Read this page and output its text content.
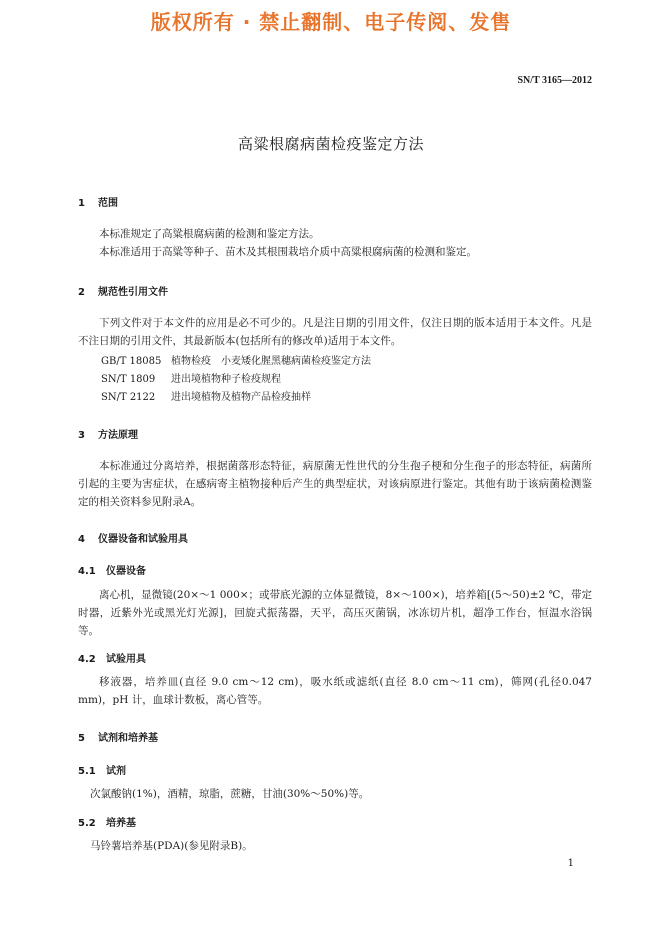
版权所有 · 禁止翻制、电子传阅、发售
SN/T 3165—2012
高粱根腐病菌检疫鉴定方法
1 范围
本标准规定了高粱根腐病菌的检测和鉴定方法。
本标准适用于高粱等种子、苗木及其根围栽培介质中高粱根腐病菌的检测和鉴定。
2 规范性引用文件
下列文件对于本文件的应用是必不可少的。凡是注日期的引用文件，仅注日期的版本适用于本文件。凡是不注日期的引用文件，其最新版本(包括所有的修改单)适用于本文件。
GB/T 18085 植物检疫　小麦矮化腥黑穗病菌检疫鉴定方法
SN/T 1809 进出境植物种子检疫规程
SN/T 2122 进出境植物及植物产品检疫抽样
3 方法原理
本标准通过分离培养，根据菌落形态特征，病原菌无性世代的分生孢子梗和分生孢子的形态特征，病菌所引起的主要为害症状，在感病寄主植物接种后产生的典型症状，对该病原进行鉴定。其他有助于该病菌检测鉴定的相关资料参见附录A。
4 仪器设备和试验用具
4.1 仪器设备
离心机，显微镜(20×～1 000×；或带底光源的立体显微镜，8×～100×)，培养箱[(5～50)±2 ℃，带定时器，近紫外光或黑光灯光源]，回旋式振荡器，天平，高压灭菌锅，冰冻切片机，超净工作台，恒温水浴锅等。
4.2 试验用具
移液器，培养皿(直径 9.0 cm～12 cm)，吸水纸或滤纸(直径 8.0 cm～11 cm)，筛网(孔径0.047 mm)，pH 计，血球计数板，离心管等。
5 试剂和培养基
5.1 试剂
次氯酸钠(1%)，酒精，琼脂，蔗糖，甘油(30%～50%)等。
5.2 培养基
马铃薯培养基(PDA)(参见附录B)。
1
